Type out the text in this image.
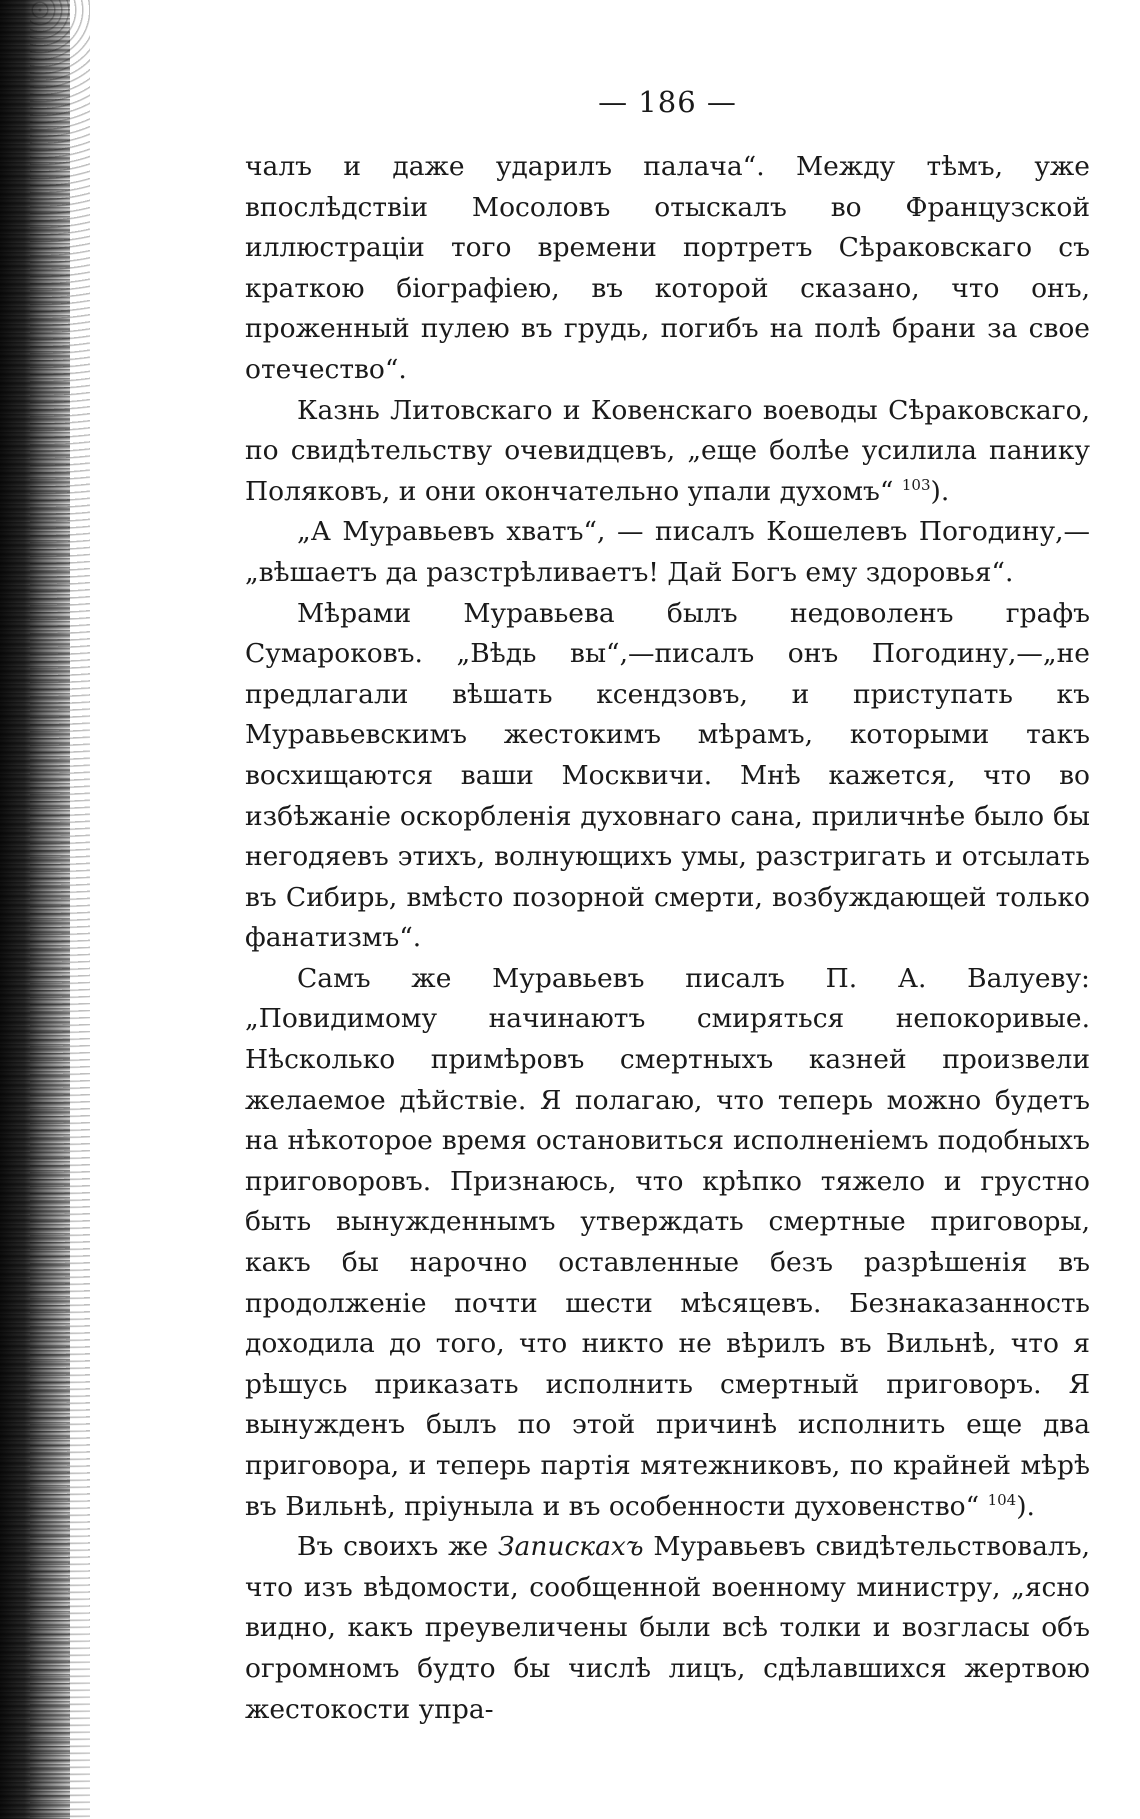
— 186 —

чалъ и даже ударилъ палача“. Между тѣмъ, уже впослѣдствіи Мосоловъ отыскалъ во Французской иллюстраціи того времени портретъ Сѣраковскаго съ краткою біографіею, въ которой сказано, что онъ, проженный пулею въ грудь, погибъ на полѣ брани за свое отечество“.

Казнь Литовскаго и Ковенскаго воеводы Сѣраковскаго, по свидѣтельству очевидцевъ, „еще болѣе усилила панику Поляковъ, и они окончательно упали духомъ“ $^{103}$).

„А Муравьевъ хватъ“, — писалъ Кошелевъ Погодину,— „вѣшаетъ да разстрѣливаетъ! Дай Богъ ему здоровья“.

Мѣрами Муравьева былъ недоволенъ графъ Сумароковъ. „Вѣдь вы“,—писалъ онъ Погодину,—„не предлагали вѣшать ксендзовъ, и приступать къ Муравьевскимъ жестокимъ мѣрамъ, которыми такъ восхищаются ваши Москвичи. Мнѣ кажется, что во избѣжаніе оскорбленія духовнаго сана, приличнѣе было бы негодяевъ этихъ, волнующихъ умы, разстригать и отсылать въ Сибирь, вмѣсто позорной смерти, возбуждающей только фанатизмъ“.

Самъ же Муравьевъ писалъ П. А. Валуеву: „Повидимому начинаютъ смиряться непокоривые. Нѣсколько примѣровъ смертныхъ казней произвели желаемое дѣйствіе. Я полагаю, что теперь можно будетъ на нѣкоторое время остановиться исполненіемъ подобныхъ приговоровъ. Признаюсь, что крѣпко тяжело и грустно быть вынужденнымъ утверждать смертные приговоры, какъ бы нарочно оставленные безъ разрѣшенія въ продолженіе почти шести мѣсяцевъ. Безнаказанность доходила до того, что никто не вѣрилъ въ Вильнѣ, что я рѣшусь приказать исполнить смертный приговоръ. Я вынужденъ былъ по этой причинѣ исполнить еще два приговора, и теперь партія мятежниковъ, по крайней мѣрѣ въ Вильнѣ, пріуныла и въ особенности духовенство“ $^{104}$).

Въ своихъ же Запискахъ Муравьевъ свидѣтельствовалъ, что изъ вѣдомости, сообщенной военному министру, „ясно видно, какъ преувеличены были всѣ толки и возгласы объ огромномъ будто бы числѣ лицъ, сдѣлавшихся жертвою жестокости упра-
